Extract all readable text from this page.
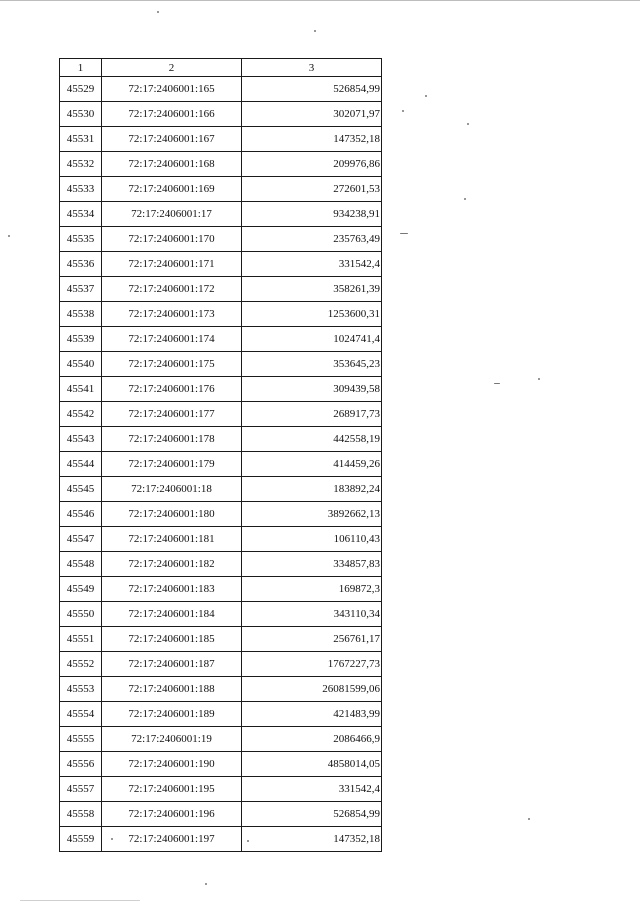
1	2	3
45529	72:17:2406001:165	526854,99
45530	72:17:2406001:166	302071,97
45531	72:17:2406001:167	147352,18
45532	72:17:2406001:168	209976,86
45533	72:17:2406001:169	272601,53
45534	72:17:2406001:17	934238,91
45535	72:17:2406001:170	235763,49
45536	72:17:2406001:171	331542,4
45537	72:17:2406001:172	358261,39
45538	72:17:2406001:173	1253600,31
45539	72:17:2406001:174	1024741,4
45540	72:17:2406001:175	353645,23
45541	72:17:2406001:176	309439,58
45542	72:17:2406001:177	268917,73
45543	72:17:2406001:178	442558,19
45544	72:17:2406001:179	414459,26
45545	72:17:2406001:18	183892,24
45546	72:17:2406001:180	3892662,13
45547	72:17:2406001:181	106110,43
45548	72:17:2406001:182	334857,83
45549	72:17:2406001:183	169872,3
45550	72:17:2406001:184	343110,34
45551	72:17:2406001:185	256761,17
45552	72:17:2406001:187	1767227,73
45553	72:17:2406001:188	26081599,06
45554	72:17:2406001:189	421483,99
45555	72:17:2406001:19	2086466,9
45556	72:17:2406001:190	4858014,05
45557	72:17:2406001:195	331542,4
45558	72:17:2406001:196	526854,99
45559	72:17:2406001:197	147352,18
